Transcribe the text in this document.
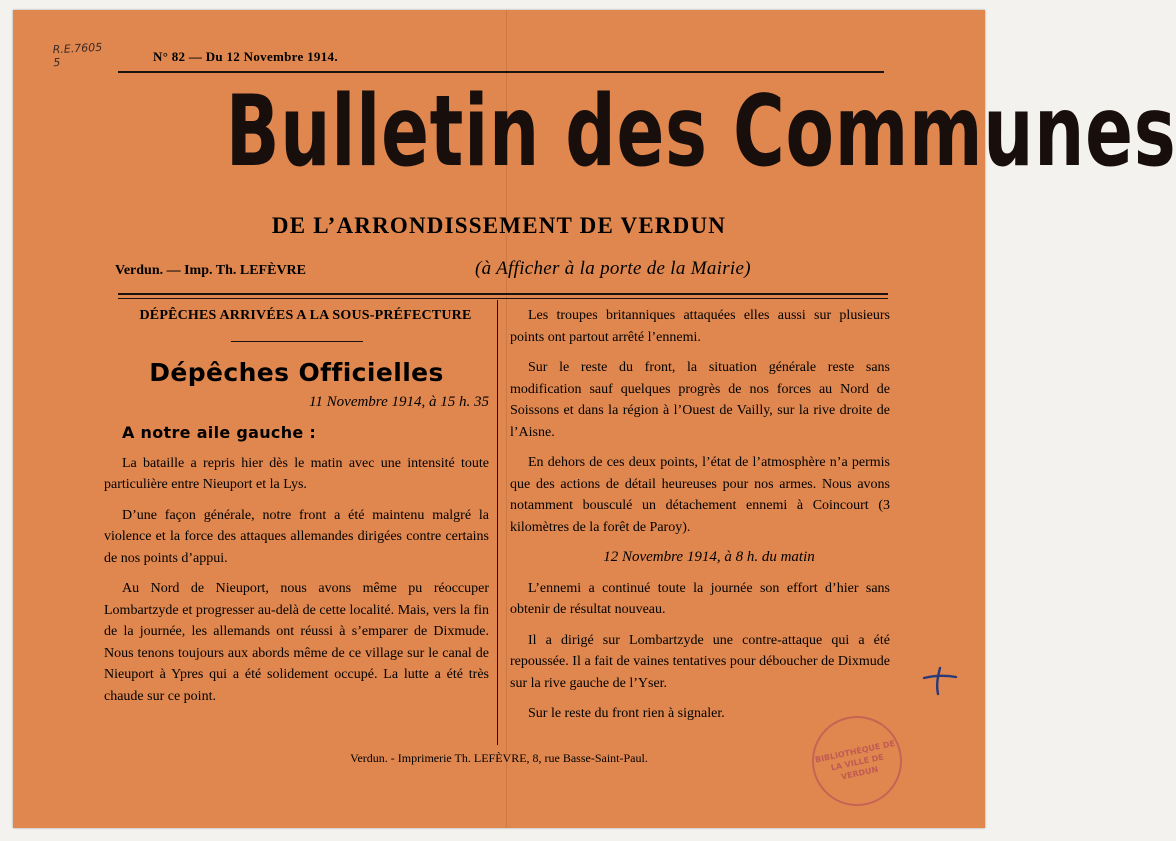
R.E.7605
5	N° 82 — Du 12 Novembre 1914.
Bulletin des Communes
DE L’ARRONDISSEMENT DE VERDUN
Verdun. — Imp. Th. LEFÈVRE	(à Afficher à la porte de la Mairie)

DÉPÊCHES ARRIVÉES A LA SOUS-PRÉFECTURE

Dépêches Officielles

11 Novembre 1914, à 15 h. 35

A notre aile gauche :

La bataille a repris hier dès le matin avec une intensité toute particulière entre Nieuport et la Lys.

D’une façon générale, notre front a été maintenu malgré la violence et la force des attaques allemandes dirigées contre certains de nos points d’appui.

Au Nord de Nieuport, nous avons même pu réoccuper Lombartzyde et progresser au-delà de cette localité. Mais, vers la fin de la journée, les allemands ont réussi à s’emparer de Dixmude. Nous tenons toujours aux abords même de ce village sur le canal de Nieuport à Ypres qui a été solidement occupé. La lutte a été très chaude sur ce point.

Les troupes britanniques attaquées elles aussi sur plusieurs points ont partout arrêté l’ennemi.

Sur le reste du front, la situation générale reste sans modification sauf quelques progrès de nos forces au Nord de Soissons et dans la région à l’Ouest de Vailly, sur la rive droite de l’Aisne.

En dehors de ces deux points, l’état de l’atmosphère n’a permis que des actions de détail heureuses pour nos armes. Nous avons notamment bousculé un détachement ennemi à Coincourt (3 kilomètres de la forêt de Paroy).

12 Novembre 1914, à 8 h. du matin

L’ennemi a continué toute la journée son effort d’hier sans obtenir de résultat nouveau.

Il a dirigé sur Lombartzyde une contre-attaque qui a été repoussée. Il a fait de vaines tentatives pour déboucher de Dixmude sur la rive gauche de l’Yser.

Sur le reste du front rien à signaler.

Verdun. - Imprimerie Th. LEFÈVRE, 8, rue Basse-Saint-Paul.	BIBLIOTHÈQUE DE LA VILLE DE VERDUN
